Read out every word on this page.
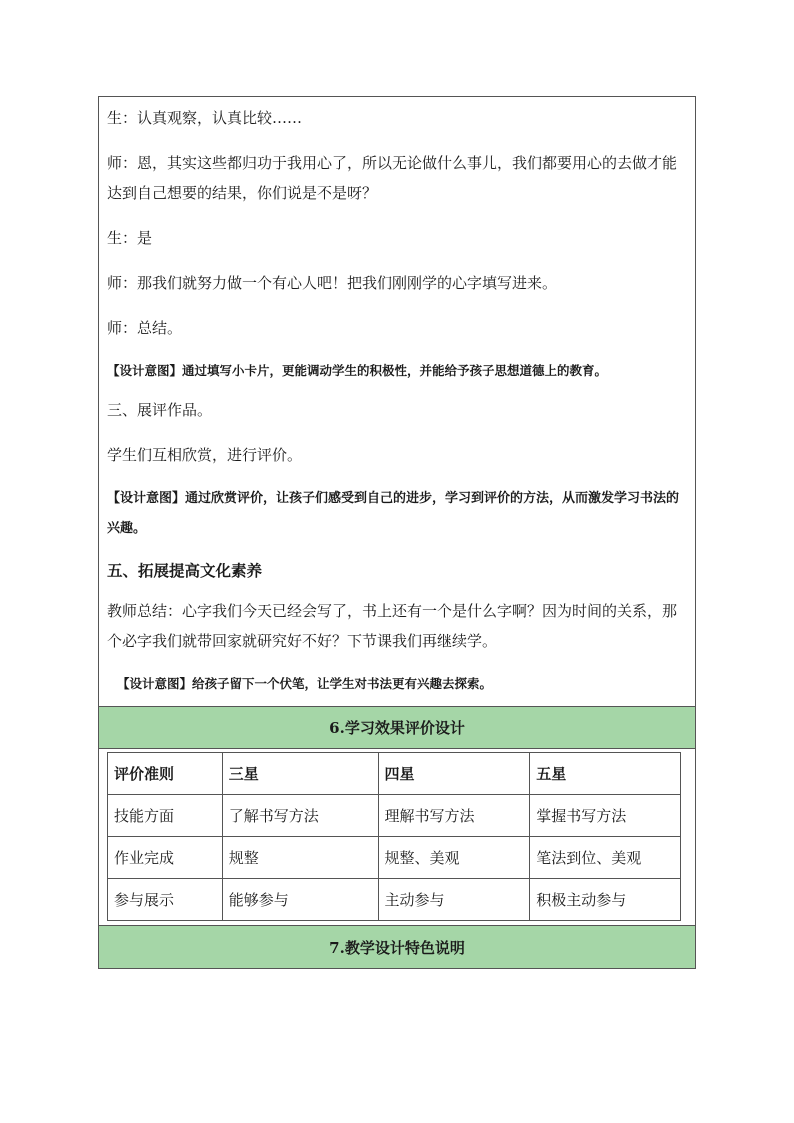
生：认真观察，认真比较……

师：恩，其实这些都归功于我用心了，所以无论做什么事儿，我们都要用心的去做才能达到自己想要的结果，你们说是不是呀？

生：是

师：那我们就努力做一个有心人吧！把我们刚刚学的心字填写进来。

师：总结。

【设计意图】通过填写小卡片，更能调动学生的积极性，并能给予孩子思想道德上的教育。

三、展评作品。

学生们互相欣赏，进行评价。

【设计意图】通过欣赏评价，让孩子们感受到自己的进步，学习到评价的方法，从而激发学习书法的兴趣。

五、拓展提高文化素养

教师总结：心字我们今天已经会写了，书上还有一个是什么字啊？因为时间的关系，那个必字我们就带回家就研究好不好？下节课我们再继续学。

【设计意图】给孩子留下一个伏笔，让学生对书法更有兴趣去探索。

6.学习效果评价设计
评价准则	三星	四星	五星
技能方面	了解书写方法	理解书写方法	掌握书写方法
作业完成	规整	规整、美观	笔法到位、美观
参与展示	能够参与	主动参与	积极主动参与
7.教学设计特色说明
